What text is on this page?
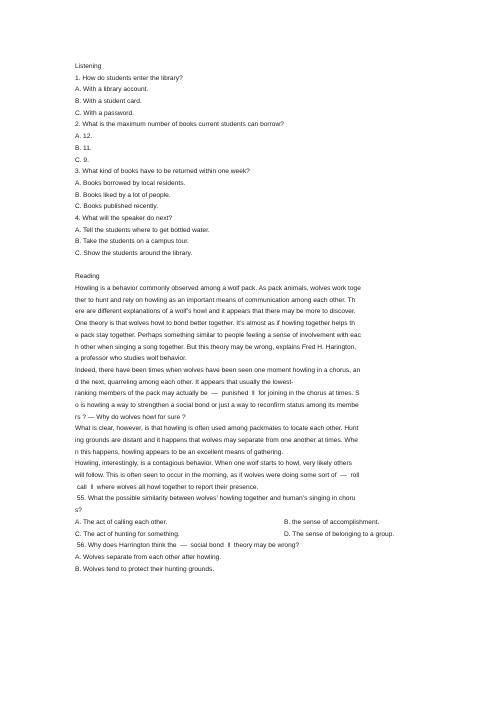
Listening
1. How do students enter the library?
A. With a library account.
B. With a student card.
C. With a password.
2. What is the maximum number of books current students can borrow?
A. 12.
B. 11.
C. 9.
3. What kind of books have to be returned within one week?
A. Books borrowed by local residents.
B. Books liked by a lot of people.
C. Books published recently.
4. What will the speaker do next?
A. Tell the students where to get bottled water.
B. Take the students on a campus tour.
C. Show the students around the library.
Reading
Howling is a behavior commonly observed among a wolf pack. As pack animals, wolves work toge
ther to hunt and rely on howling as an important means of communication among each other. Th
ere are different explanations of a wolf’s howl and it appears that there may be more to discover.
One theory is that wolves howl to bond better together. It’s almost as if howling together helps th
e pack stay together. Perhaps something similar to people feeling a sense of involvement with eac
h other when singing a song together. But this theory may be wrong, explains Fred H. Harington,
a professor who studies wolf behavior.
Indeed, there have been times when wolves have been seen one moment howling in a chorus, an
d the next, quarreling among each other. It appears that usually the lowest-
ranking members of the pack may actually be  —  punished  ‖  for joining in the chorus at times. S
o is howling a way to strengthen a social bond or just a way to reconfirm status among its membe
rs ? — Why do wolves howl for sure ?
What is clear, however, is that howling is often used among packmates to locate each other. Hunt
ing grounds are distant and it happens that wolves may separate from one another at times. Whe
n this happens, howling appears to be an excellent means of gathering.
Howling, interestingly, is a contagious behavior. When one wolf starts to howl, very likely others
will follow. This is often seen to occur in the morning, as if wolves were doing some sort of  —  roll
call  ‖  where wolves all howl together to report their presence.
55. What the possible similarity between wolves’ howling together and human’s singing in choru
s?
A. The act of calling each other.	B. the sense of accomplishment.
C. The act of hunting for something.	D. The sense of belonging to a group.
56. Why does Harrington think the  —  social bond  ‖  theory may be wrong?
A. Wolves separate from each other after howling.
B. Wolves tend to protect their hunting grounds.
